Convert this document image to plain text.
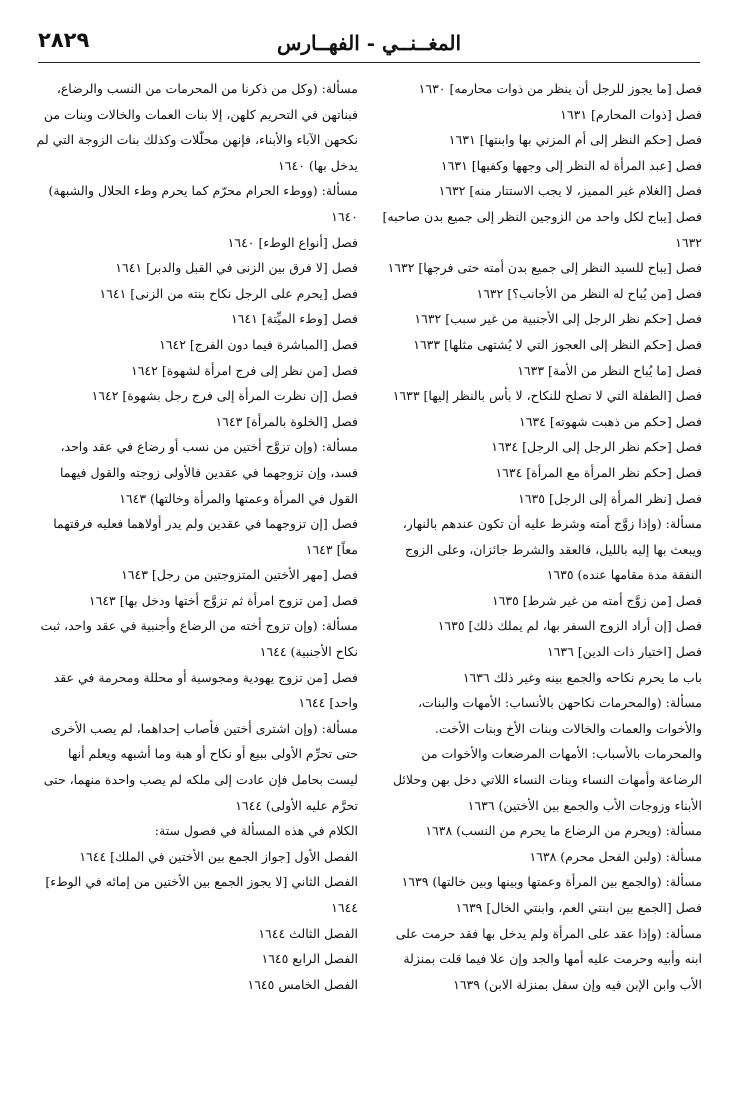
المغــنــي - الفهــارس
٢٨٢٩

فصل [ما يجوز للرجل أن ينظر من ذوات محارمه] ١٦٣٠

فصل [ذوات المحارم] ١٦٣١

فصل [حكم النظر إلى أم المزني بها وابنتها] ١٦٣١

فصل [عبد المرأة له النظر إلى وجهها وكفيها] ١٦٣١

فصل [الغلام غير المميز، لا يجب الاستتار منه] ١٦٣٢

فصل [يباح لكل واحد من الزوجين النظر إلى جميع بدن صاحبه] ١٦٣٢

فصل [يباح للسيد النظر إلى جميع بدن أمته حتى فرجها] ١٦٣٢

فصل [من يُباح له النظر من الأجانب؟] ١٦٣٢

فصل [حكم نظر الرجل إلى الأجنبية من غير سبب] ١٦٣٢

فصل [حكم النظر إلى العجوز التي لا يُشتهى مثلها] ١٦٣٣

فصل [ما يُباح النظر من الأمة] ١٦٣٣

فصل [الطفلة التي لا تصلح للنكاح، لا بأس بالنظر إليها] ١٦٣٣

فصل [حكم من ذهبت شهوته] ١٦٣٤

فصل [حكم نظر الرجل إلى الرجل] ١٦٣٤

فصل [حكم نظر المرأة مع المرأة] ١٦٣٤

فصل [نظر المرأة إلى الرجل] ١٦٣٥

مسألة: (وإذا زوَّج أمته وشرط عليه أن تكون عندهم بالنهار، ويبعث بها إليه بالليل، فالعقد والشرط جائزان، وعلى الزوج النفقة مدة مقامها عنده) ١٦٣٥

فصل [من زوَّج أمته من غير شرط] ١٦٣٥

فصل [إن أراد الزوج السفر بها، لم يملك ذلك] ١٦٣٥

فصل [اختيار ذات الدين] ١٦٣٦

باب ما يحرم نكاحه والجمع بينه وغير ذلك ١٦٣٦

مسألة: (والمحرمات نكاحهن بالأنساب: الأمهات والبنات، والأخوات والعمات والخالات وبنات الأخ وبنات الأخت. والمحرمات بالأسباب: الأمهات المرضعات والأخوات من الرضاعة وأمهات النساء وبنات النساء اللاتي دخل بهن وحلائل الأبناء وزوجات الأب والجمع بين الأختين) ١٦٣٦

مسألة: (ويحرم من الرضاع ما يحرم من النسب) ١٦٣٨

مسألة: (ولبن الفحل محرم) ١٦٣٨

مسألة: (والجمع بين المرأة وعمتها وبينها وبين خالتها) ١٦٣٩

فصل [الجمع بين ابنتي العم، وابنتي الخال] ١٦٣٩

مسألة: (وإذا عقد على المرأة ولم يدخل بها فقد حرمت على ابنه وأبيه وحرمت عليه أمها والجد وإن علا فيما قلت بمنزلة الأب وابن الإبن فيه وإن سفل بمنزلة الابن) ١٦٣٩

مسألة: (وكل من ذكرنا من المحرمات من النسب والرضاع، فبناتهن في التحريم كلهن، إلا بنات العمات والخالات وبنات من نكحهن الآباء والأبناء، فإنهن محلّلات وكذلك بنات الزوجة التي لم يدخل بها) ١٦٤٠

مسألة: (ووطء الحرام محرّم كما يحرم وطء الحلال والشبهة) ١٦٤٠

فصل [أنواع الوطء] ١٦٤٠

فصل [لا فرق بين الزنى في القبل والدبر] ١٦٤١

فصل [يحرم على الرجل نكاح بنته من الزنى] ١٦٤١

فصل [وطء الميِّتة] ١٦٤١

فصل [المباشرة فيما دون الفرج] ١٦٤٢

فصل [من نظر إلى فرج امرأة لشهوة] ١٦٤٢

فصل [إن نظرت المرأة إلى فرج رجل بشهوة] ١٦٤٢

فصل [الخلوة بالمرأة] ١٦٤٣

مسألة: (وإن تزوَّج أختين من نسب أو رضاع في عقد واحد، فسد، وإن تزوجهما في عقدين فالأولى زوجته والقول فيهما القول في المرأة وعمتها والمرأة وخالتها) ١٦٤٣

فصل [إن تزوجهما في عقدين ولم يدر أولاهما فعليه فرقتهما معاً] ١٦٤٣

فصل [مهر الأختين المتزوجتين من رجل] ١٦٤٣

فصل [من تزوج امرأة ثم تزوَّج أختها ودخل بها] ١٦٤٣

مسألة: (وإن تزوج أخته من الرضاع وأجنبية في عقد واحد، ثبت نكاح الأجنبية) ١٦٤٤

فصل [من تزوج يهودية ومجوسية أو محللة ومحرمة في عقد واحد] ١٦٤٤

مسألة: (وإن اشترى أختين فأصاب إحداهما، لم يصب الأخرى حتى تحرِّم الأولى ببيع أو نكاح أو هبة وما أشبهه ويعلم أنها ليست بحامل فإن عادت إلى ملكه لم يصب واحدة منهما، حتى تحرَّم عليه الأولى) ١٦٤٤

الكلام في هذه المسألة في فصول ستة:

الفصل الأول [جواز الجمع بين الأختين في الملك] ١٦٤٤

الفصل الثاني [لا يجوز الجمع بين الأختين من إمائه في الوطء] ١٦٤٤

الفصل الثالث ١٦٤٤

الفصل الرابع ١٦٤٥

الفصل الخامس ١٦٤٥
